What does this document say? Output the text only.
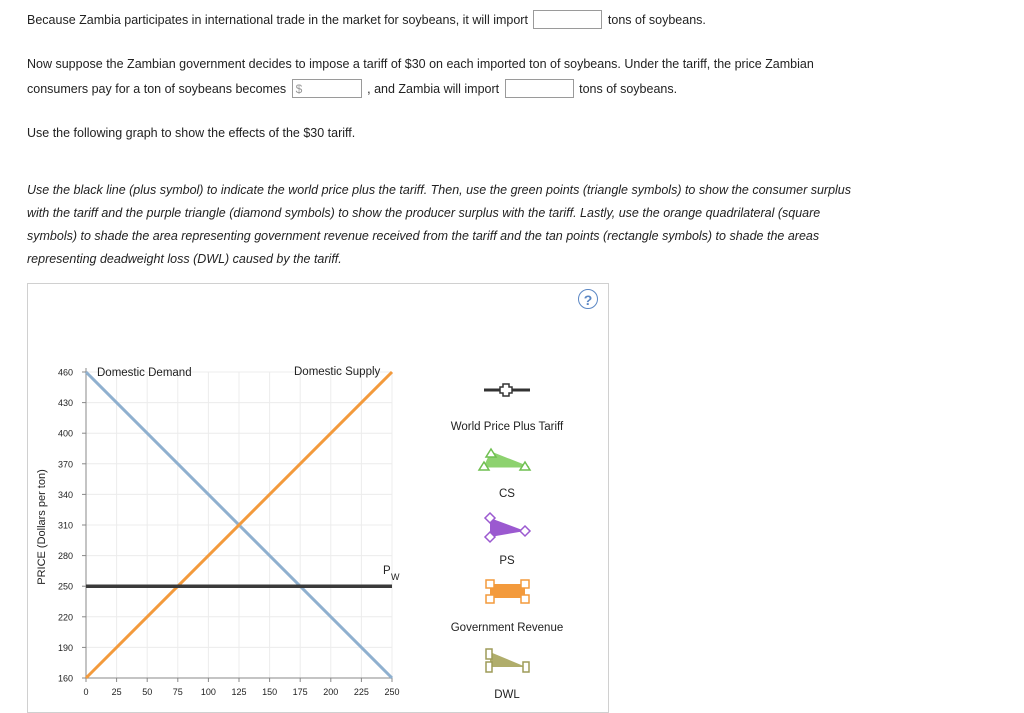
Because Zambia participates in international trade in the market for soybeans, it will import	tons of soybeans.
Now suppose the Zambian government decides to impose a tariff of $30 on each imported ton of soybeans. Under the tariff, the price Zambian
consumers pay for a ton of soybeans becomes $	, and Zambia will import	tons of soybeans.
Use the following graph to show the effects of the $30 tariff.
Use the black line (plus symbol) to indicate the world price plus the tariff. Then, use the green points (triangle symbols) to show the consumer surplus
with the tariff and the purple triangle (diamond symbols) to show the producer surplus with the tariff. Lastly, use the orange quadrilateral (square
symbols) to shade the area representing government revenue received from the tariff and the tan points (rectangle symbols) to shade the areas
representing deadweight loss (DWL) caused by the tariff.
?
160
190
220
250
280
310
340
370
400
430
460
0	25 50 75 100 125 150 175 200 225 250
PRICE (Dollars per ton)
Domestic Demand	Domestic Supply
P W
World Price Plus Tariff
CS
PS
Government Revenue
DWL
